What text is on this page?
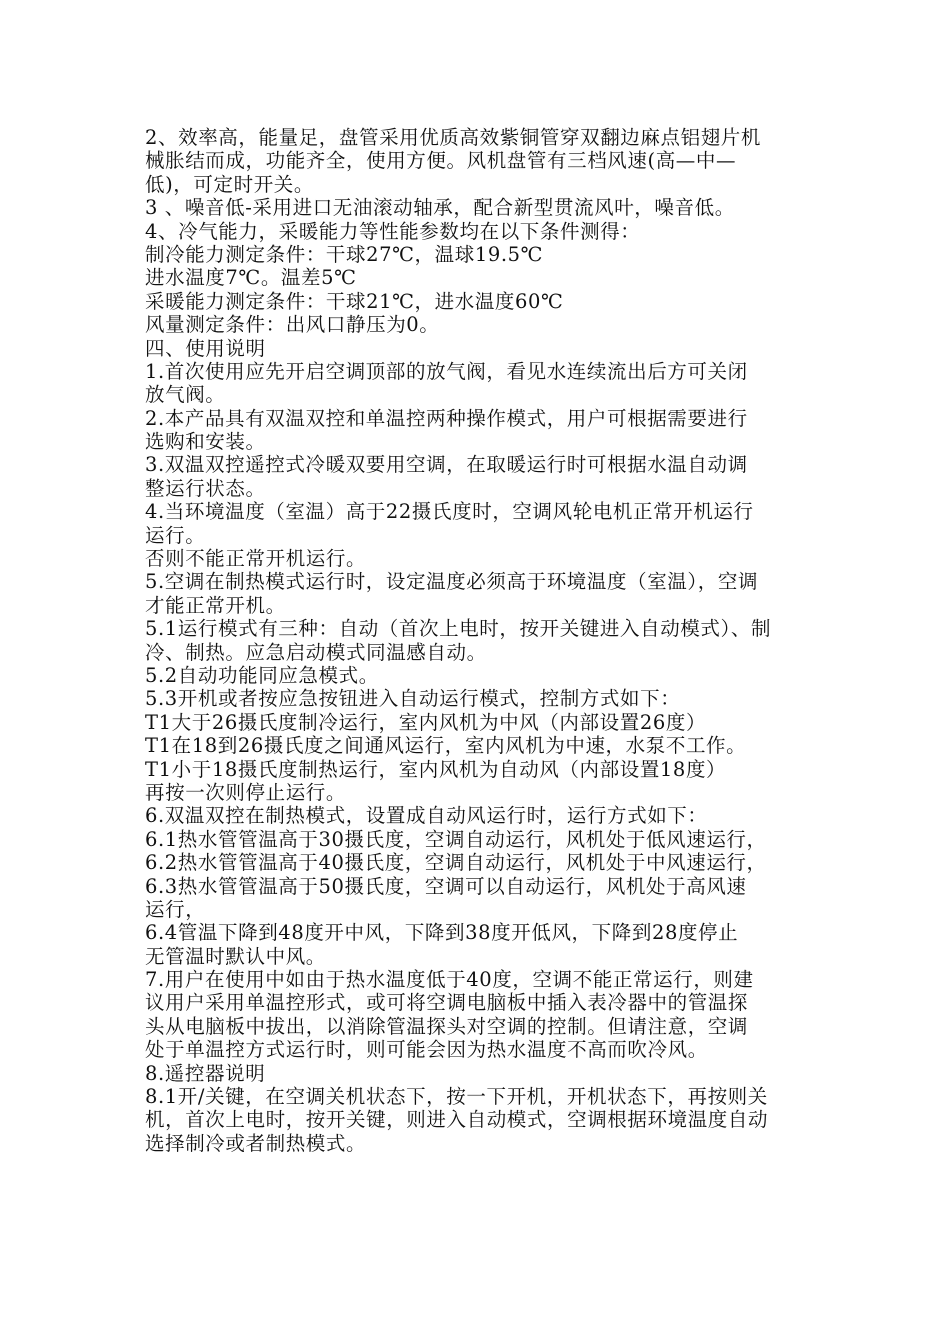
2、效率高，能量足，盘管采用优质高效紫铜管穿双翻边麻点铝翅片机
械胀结而成，功能齐全，使用方便。风机盘管有三档风速(高—中—
低)，可定时开关。
3 、噪音低-采用进口无油滚动轴承，配合新型贯流风叶，噪音低。
4、冷气能力，采暖能力等性能参数均在以下条件测得：
制冷能力测定条件：干球27℃，温球19.5℃
进水温度7℃。温差5℃
采暖能力测定条件：干球21℃，进水温度60℃
风量测定条件：出风口静压为0。
四、使用说明
1.首次使用应先开启空调顶部的放气阀，看见水连续流出后方可关闭
放气阀。
2.本产品具有双温双控和单温控两种操作模式，用户可根据需要进行
选购和安装。
3.双温双控遥控式冷暖双要用空调，在取暖运行时可根据水温自动调
整运行状态。
4.当环境温度（室温）高于22摄氏度时，空调风轮电机正常开机运行
运行。
否则不能正常开机运行。
5.空调在制热模式运行时，设定温度必须高于环境温度（室温），空调
才能正常开机。
5.1运行模式有三种：自动（首次上电时，按开关键进入自动模式）、制
冷、制热。应急启动模式同温感自动。
5.2自动功能同应急模式。
5.3开机或者按应急按钮进入自动运行模式，控制方式如下：
T1大于26摄氏度制冷运行，室内风机为中风（内部设置26度）
T1在18到26摄氏度之间通风运行，室内风机为中速，水泵不工作。
T1小于18摄氏度制热运行，室内风机为自动风（内部设置18度）
再按一次则停止运行。
6.双温双控在制热模式，设置成自动风运行时，运行方式如下：
6.1热水管管温高于30摄氏度，空调自动运行，风机处于低风速运行，
6.2热水管管温高于40摄氏度，空调自动运行，风机处于中风速运行，
6.3热水管管温高于50摄氏度，空调可以自动运行，风机处于高风速
运行，
6.4管温下降到48度开中风，下降到38度开低风，下降到28度停止
无管温时默认中风。
7.用户在使用中如由于热水温度低于40度，空调不能正常运行，则建
议用户采用单温控形式，或可将空调电脑板中插入表冷器中的管温探
头从电脑板中拔出，以消除管温探头对空调的控制。但请注意，空调
处于单温控方式运行时，则可能会因为热水温度不高而吹冷风。
8.遥控器说明
8.1开/关键，在空调关机状态下，按一下开机，开机状态下，再按则关
机，首次上电时，按开关键，则进入自动模式，空调根据环境温度自动
选择制冷或者制热模式。
